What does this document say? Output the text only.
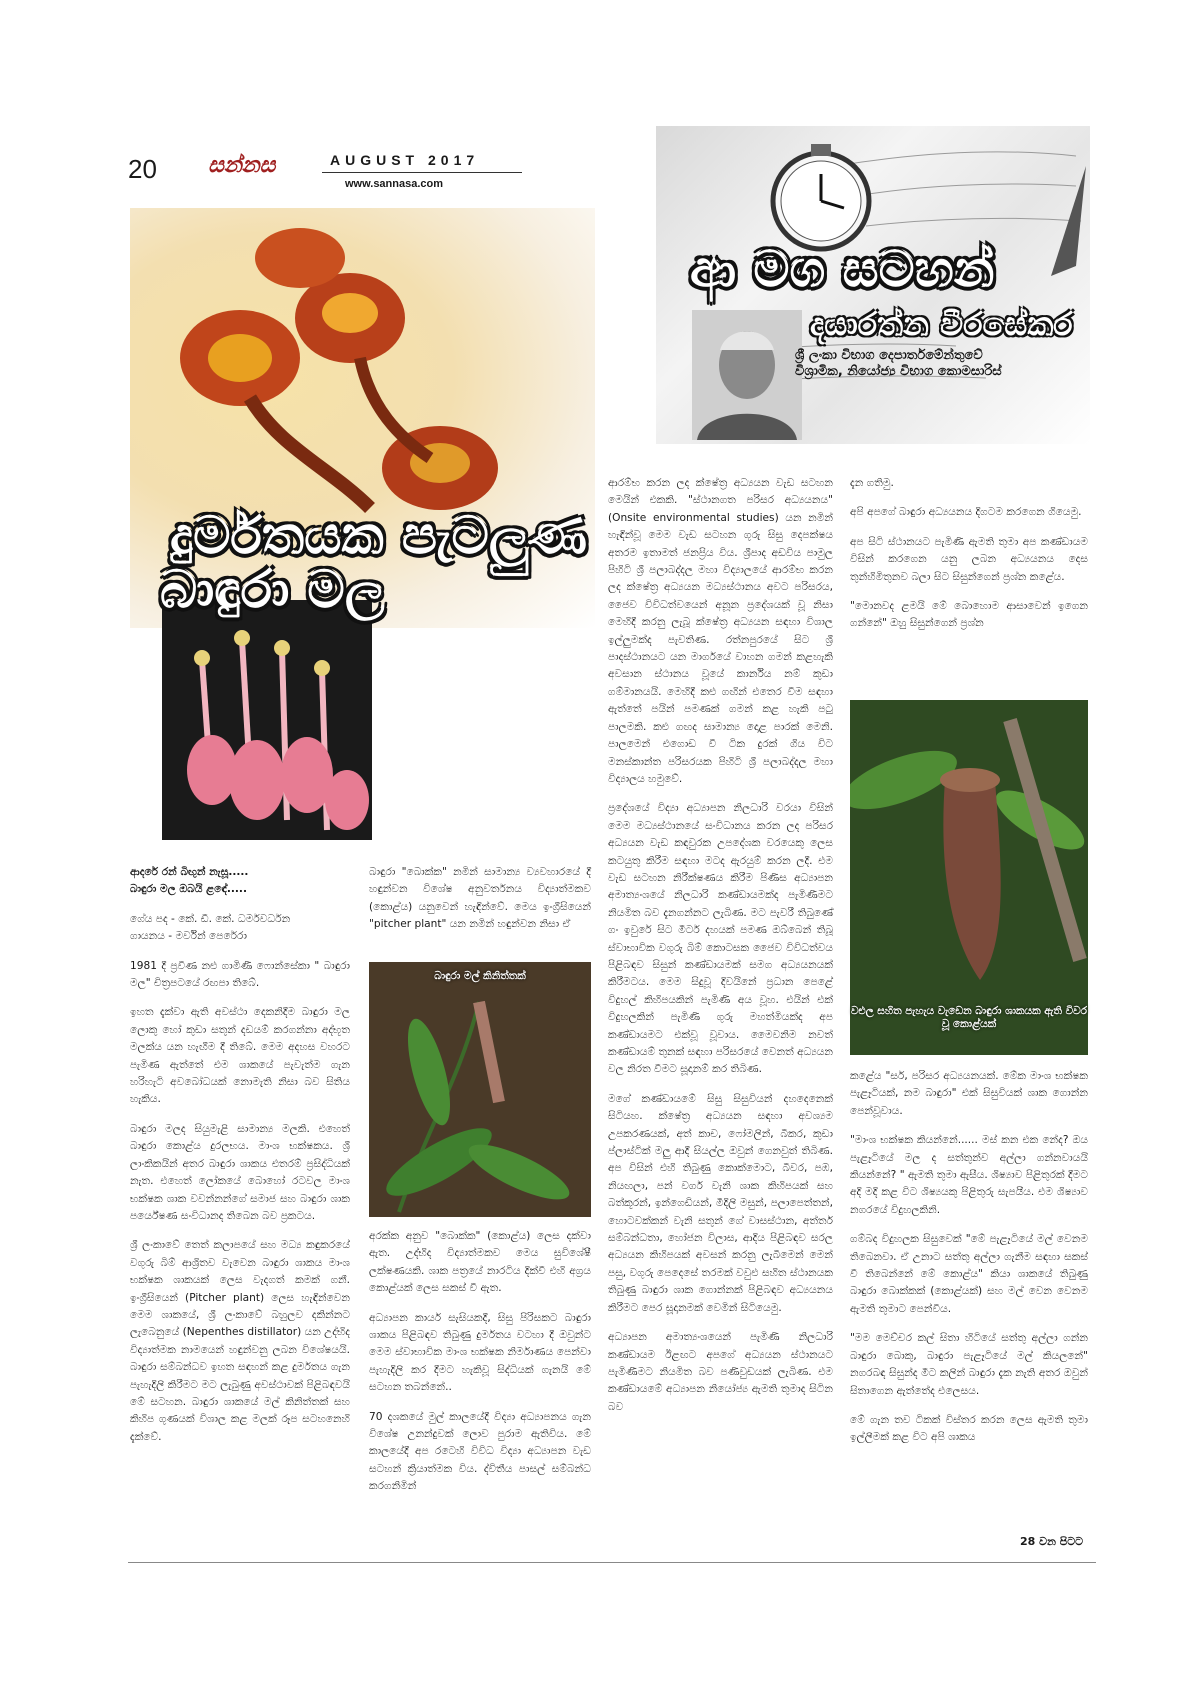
20 සන්නස	AUGUST 2017
www.sannasa.com
ආ මග සටහන්
දයාරත්න වීරසේකර
ශ්‍රී ලංකා විභාග දෙපාර්තමේන්තුවේ
විශ්‍රාමික, නියෝජ්‍ය විභාග කොමසාරිස්
දුර්මතයක පැටලුණ
බාඳුරා මල

ආදරේ රන් බිඟුන් නැසූ.....
බාඳුරා මල ඔබයි ළඳේ.....

ගේය පද - කේ. ඩී. කේ. ධර්මවර්ධන
ගායනය - මර්වින් පෙරේරා

1981 දී ප්‍රවීණ නළු ගාමිණී ෆොන්සේකා " බාඳුරා මල" චිත්‍රපටයේ රඟපා තිබේ.

ඉහත දැක්වා ඇති අවස්ථා දෙකනිදීම බාඳුරා මල ලොකු හෝ කුඩා සතුන් දඩයම් කරගන්නා අද්භූත මලක්ය යන හැඟීම දී තිබේ. මෙම අදහස වහරට පැමිණ ඇත්තේ එම ශාකයේ පැවැත්ම ගැන හරිහැටි අවබෝධයක් නොමැති නිසා බව සිතිය හැකිය.

බාඳුරා මලද සියුමැළි සාමාන්‍ය මලකි. එහෙත් බාඳුරා කොළ්ය දුරලභය. මාංශ භක්ෂකය. ශ්‍රී ලාංකිකයින් අතර බාඳුරා ශාකය එතරම් ප්‍රසිද්ධියක් නැත. එහෙත් ලෝකයේ බොහෝ රටවල මාංශ භක්ෂක ශාක වවන්නන්ගේ සමාජ සහ බාඳුරා ශාක පර්යේෂණ සංවිධානද තිබෙන බව ප්‍රකටය.

ශ්‍රී ලංකාවේ තෙත් කලාපයේ සහ මධ්‍ය කඳුකරයේ වගුරු බිම් ආශ්‍රිතව වැවෙන බාඳුරා ශාකය මාංශ භක්ෂක ශාකයක් ලෙස වැදගත් කමක් ගනී. ඉංග්‍රීසියෙන් (Pitcher plant) ලෙස හැඳින්වෙන මෙම ශාකයේ, ශ්‍රී ලංකාවේ බහුලව දකින්නට ලැබෙනුයේ (Nepenthes distillator) යන උද්භිද විද්‍යාත්මක නාමයෙන් හඳුන්වනු ලබන විශේෂයයි. බාඳුරා සම්බන්ධව ඉහත සඳහන් කළ දුර්මතය ගැන පැහැදිලි කිරීමට මට ලැබුණු අවස්ථාවක් පිළිබඳවයි මේ සටහන. බාඳුරා ශාකයේ මල් කිනිත්තක් සහ කිහිප ගුණයක් විශාල කළ මලක් රූප සටහනෙහි දැක්වේ.

බාඳුරා "බොක්ක" නමින් සාමාන්‍ය ව්‍යවහාරයේ දී හඳුන්වන විශේෂ අනුවර්තනය විද්‍යාත්මකව (කොළ්ය) යනුවෙන් හැඳින්වේ. මෙය ඉංග්‍රීසියෙන් "pitcher plant" යන නමින් හඳුන්වන නිසා ඒ

බාඳුරා මල් කිනිත්තක්

අරක්ක අනුව "බොක්ක" (කොළ්ය) ලෙස දක්වා ඇත. උද්භිද විද්‍යාත්මකව මෙය සුවිශේෂී ලක්ෂණයකි. ශාක පත්‍රයේ නාරටිය දික්වී එහි අග්‍රය කොළ්යක් ලෙස සකස් වී ඇත.

අධ්‍යාපන කාර්ය සැසියකදී, සිසු පිරිසකට බාඳුරා ශාකය පිළිබඳව තිබුණු දුර්මතය වටහා දී ඔවුන්ට මෙම ස්වාභාවික මාංශ භක්ෂක නිර්මාණය පෙන්වා පැහැදිලි කර දීමට හැකිවූ සිද්ධියක් ගැනයි මේ සටහන තබන්නේ..

70 දශකයේ මුල් කාලයේදී විද්‍යා අධ්‍යාපනය ගැන විශේෂ උනන්දුවක් ලොව පුරාම ඇතිවිය. මේ කාලයේදී අප රටෙහි විවිධ විද්‍යා අධ්‍යාපන වැඩ සටහන් ක්‍රියාත්මක විය. ද්විතීය පාසල් සම්බන්ධ කරගනිමින්

ආරම්භ කරන ලද ක්ෂේත්‍ර අධ්‍යයන වැඩ සටහන මෙයින් එකකි. "ස්ථානගත පරිසර අධ්‍යයනය" (Onsite environmental studies) යන නමින් හැඳින්වූ මෙම වැඩ සටහන ගුරු සිසු දෙපක්ෂය අතරම ඉතාමත් ජනප්‍රිය විය. ශ්‍රීපාද අඩවිය පාමුල පිහිටි ශ්‍රී පලාබද්දල මහා විද්‍යාලයේ ආරම්භ කරන ලද ක්ෂේත්‍ර අධ්‍යයන මධ්‍යස්ථානය අවට පරිසරය, ජෛව විවිධත්වයෙන් අනූන ප්‍රදේශයක් වූ නිසා මෙහිදී කරනු ලැබූ ක්ෂේත්‍ර අධ්‍යයන සඳහා විශාල ඉල්ලුමක්ද පැවතිණ. රත්නපුරයේ සිට ශ්‍රී පාදස්ථානයට යන මාර්ගයේ වාහන ගමන් කළහැකි අවසාන ස්ථානය වූයේ කාර්නිය නම් කුඩා ගම්මානයයි. මෙහිදී කළු ගඟින් එතෙර වීම සඳහා ඇත්තේ පයින් පමණක් ගමන් කළ හැකි පටු පාලමකි. කළු ගඟද සාමාන්‍ය දොළ පාරක් මෙනි. පාලමෙන් එගොඩ වී ටික දුරක් ගිය විට මනස්කාන්ත පරිසරයක පිහිටි ශ්‍රී පලාබද්දල මහා විද්‍යාලය හමුවේ.

ප්‍රදේශයේ විද්‍යා අධ්‍යාපන නිලධාරි වරයා විසින් මෙම මධ්‍යස්ථානයේ සංවිධානය කරන ලද පරිසර අධ්‍යයන වැඩ කඳවුරක උපදේශක වරයෙකු ලෙස කටයුතු කිරීම සඳහා මටද ඇරයුම් කරන ලදී. එම වැඩ සටහන නිරීක්ෂණය කිරීම පිණිස අධ්‍යාපන අමාත්‍යංශයේ නිලධාරි කණ්ඩායමක්ද පැමිණීමට නියමිත බව දැනගන්නට ලැබිණ. මට පැවරී තිබුණේ ගං ඉවුරේ සිට මීටර් දහයක් පමණ ඔබ්බෙන් තිබූ ස්වාභාවික වගුරු බිම් කොටසක ජෛව විවිධත්වය පිළිබඳව සිසුන් කණ්ඩායමක් සමග අධ්‍යයනයක් කිරීමටය. මෙම සිදුවූ දිවයිනේ ප්‍රධාන පෙළේ විදුහල් කිහිපයකින් පැමිණි අය වූහ. එයින් එක් විදුහලකින් පැමිණි ගුරු මහත්මියක්ද අප කණ්ඩායමට එක්වූ වූවාය. මෛවනිම නවත් කණ්ඩායම් තුනක් සඳහා පරිසරයේ වෙනත් අධ්‍යයන වල නිරත වීමට සූදානම් කර තිබිණ.

මගේ කණ්ඩායමේ සිසු සිසුවියන් දහදෙනෙක් සිටියහ. ක්ෂේත්‍ර අධ්‍යයන සඳහා අවශ්‍යම උපකරණයක්, අත් කාච, ෆෝමලින්, බීකර, කුඩා ප්ලාස්ටික් මලු ආදී සියල්ල ඔවුන් ගෙනවුත් තිබිණ. අප විසින් එහි තිබුණු කොක්මොට, බීවර, පඹ, නියඟලා, පන් වර්ග වැනි ශාක කිහිපයක් සහ බත්කූරන්, ඉන්ගෙඩියන්, මීදිලි මසුන්, පලාපෙත්තන්, හොටවක්කන් වැනි සතුන් ගේ වාසස්ථාන, අත්තර් සම්බන්ධතා, හෝජන විලාස, ආදිය පිළිබඳව සරල අධ්‍යයන කිහිපයක් අවසන් කරනු ලැබීමෙන් මෙන් පසු, වගුරු පෙදෙසේ තරමක් වවුළු සහිත ස්ථානයක තිබුණු බාඳුරා ශාක ගොන්නක් පිළිබඳව අධ්‍යයනය කිරීමට පෙර සූදානමක් වෙමින් සිටියෙමු.

අධ්‍යාපන අමාත්‍යංශයෙන් පැමිණි නිලධාරි කණ්ඩායම ඊළඟට අපගේ අධ්‍යයන ස්ථානයට පැමිණීමට නියමිත බව පණිවුඩයක් ලැබිණ. එම කණ්ඩායමේ අධ්‍යාපන නියෝජ්‍ය ඇමති තුමාද සිටින බව

දැන ගතිමු.

අපි අපගේ බාඳුරා අධ්‍යයනය දිගටම කරගෙන ගියෙමු.

අප සිටි ස්ථානයට පැමිණි ඇමති තුමා අප කණ්ඩායම විසින් කරගෙන යනු ලබන අධ්‍යයනය දෙස තුන්හිමිතුනව බලා සිට සිසුන්ගෙන් ප්‍රශ්න කළේය.

"මොනවද ළමයි මේ බොහොම ආසාවෙන් ඉගෙන ගන්නේ" ඔහු සිසුන්ගෙන් ප්‍රශ්න

වළුල සහිත පැහැය වැඩෙන බාඳුරා ශාකයක ඇති විවර වූ කොළ්යක්

කළේය "සර්, පරිසර අධ්‍යයනයක්. මේක මාංශ භක්ෂක පැළෑටියක්, නම බාඳුරා" එක් සිසුවියක් ශාක ගොන්න පෙන්වූවාය.

"මාංශ භක්ෂක කියන්නේ...... මස් කන එක නේද? ඔය පැළෑටියේ මල ද සත්තුන්ව අල්ලා ගන්නවායයි කියන්නේ? " ඇමති තුමා ඇසීය. ශිෂ්‍යාව පිළිතුරක් දීමට අදි මදි කළ විට ශිෂ්‍යයකු පිළිතුරු සැපයීය. එම ශිෂ්‍යාව නගරයේ විදුහලකිනි.

ගම්බද විදුහලක සිසුවෙක් "මේ පැළෑටියේ මල් වෙනම තිබෙනවා. ඒ උනාට සත්තු අල්ලා ගැනීම සඳහා සකස් වී තිබෙන්නේ මේ කොළ්ය" කියා ශාකයේ තිබුණු බාඳුරා බොක්කක් (කොළ්යක්) සහ මල් වෙන වෙනම ඇමති තුමාට පෙන්වීය.

"මම මෙච්චර කල් සිතා හිටියේ සත්තු අල්ලා ගන්න බාඳුරා බොකු, බාඳුරා පැළෑටියේ මල් කියලනේ" නගරබඳ සිසුන්ද මීට කලින් බාඳුරා දැක නැති අතර ඔවුන් සිතාගෙන ඇත්තේද එලෙසය.

මේ ගැන තව ටිකක් විස්තර කරන ලෙස ඇමති තුමා ඉල්ලීමක් කළ විට අපි ශාකය

28 වන පිටට
